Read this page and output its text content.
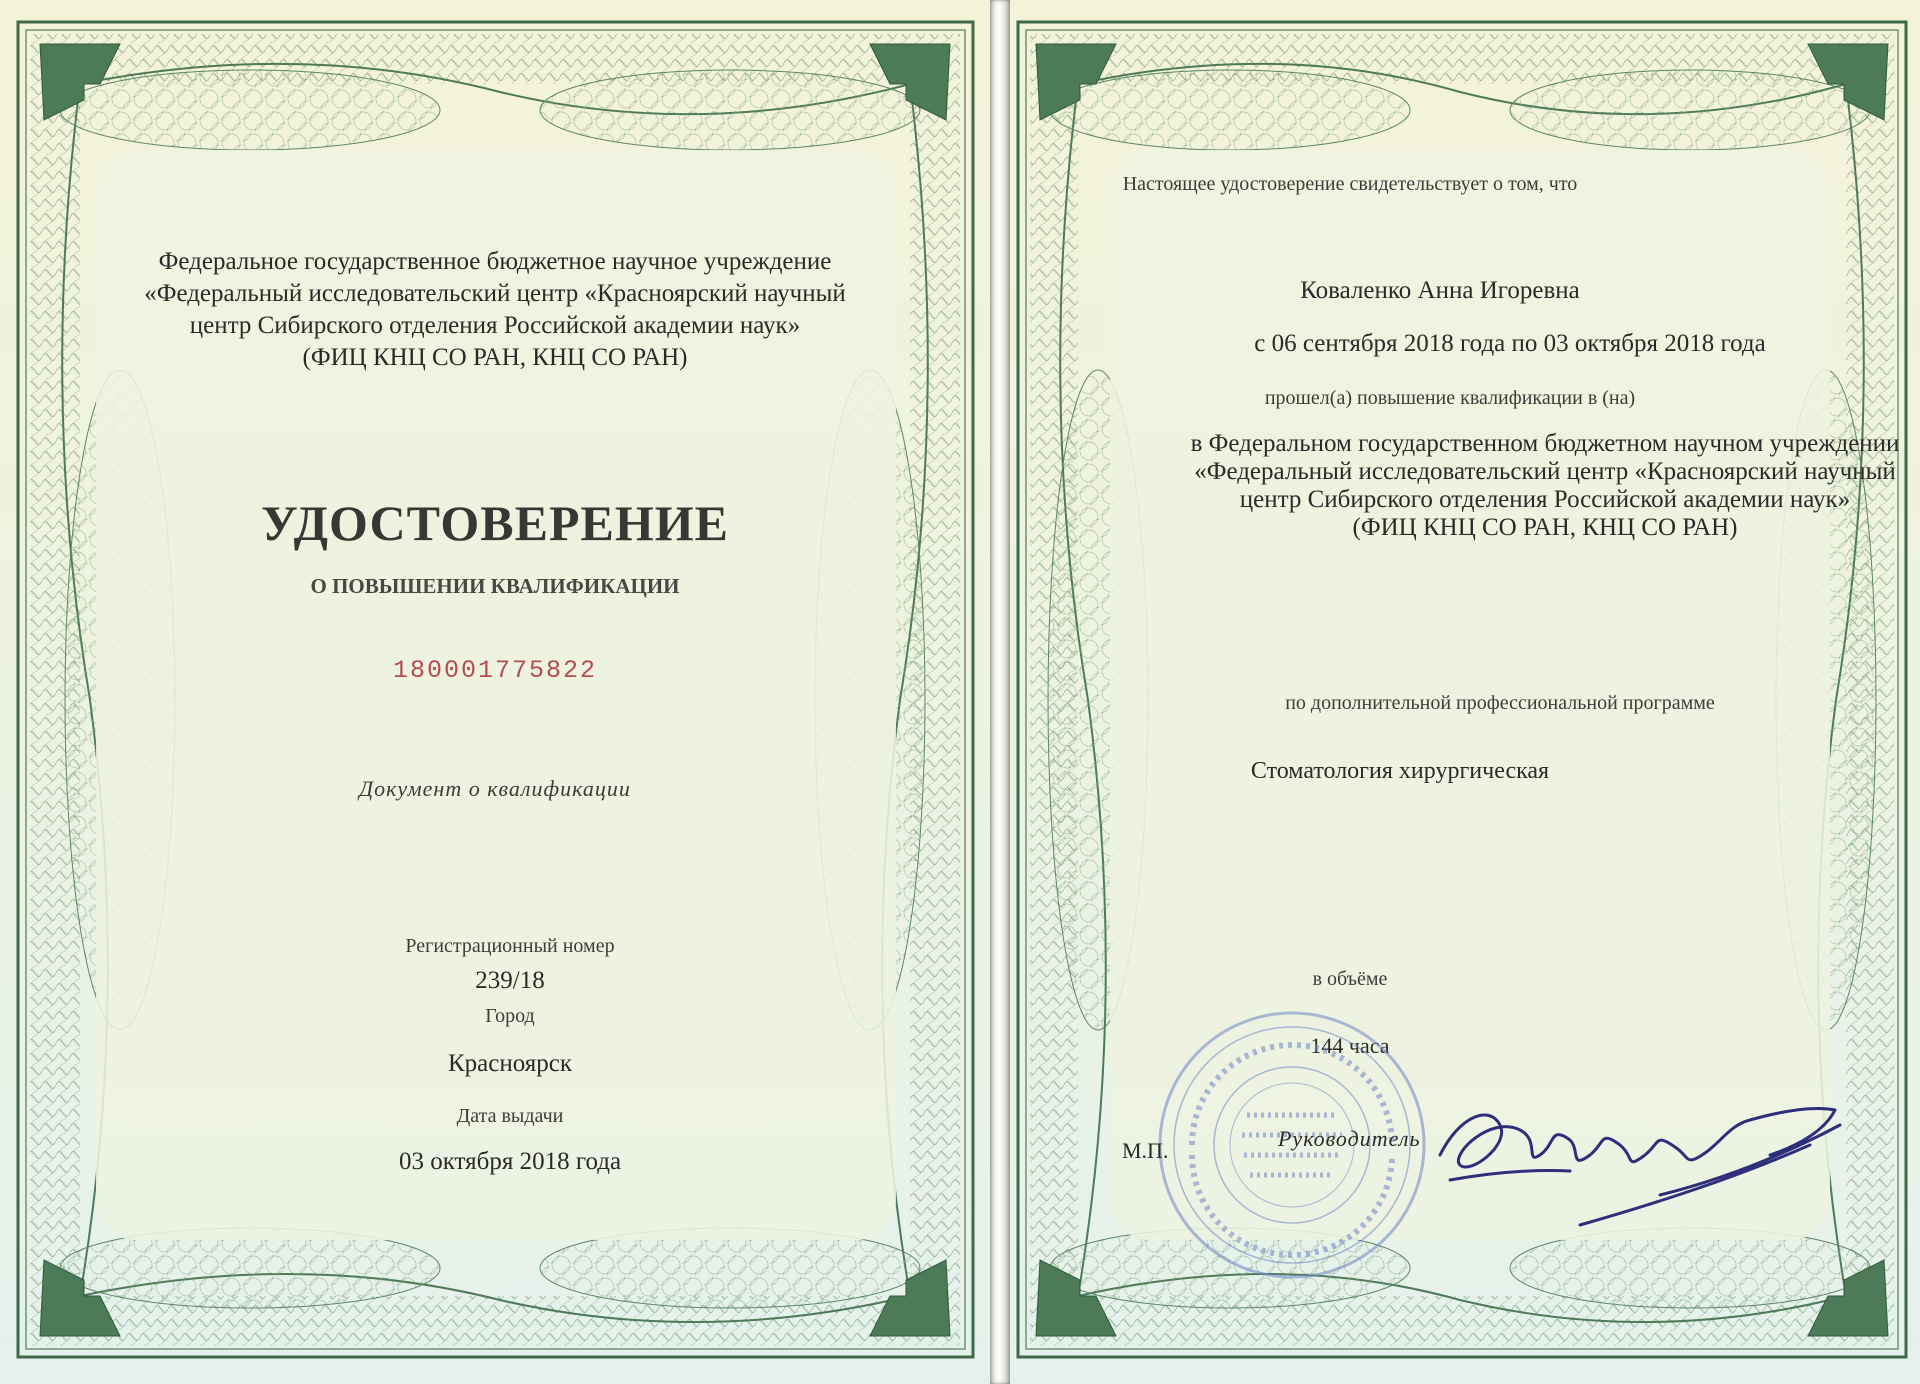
Федеральное государственное бюджетное научное учреждение
«Федеральный исследовательский центр «Красноярский научный
центр Сибирского отделения Российской академии наук»
(ФИЦ КНЦ СО РАН, КНЦ СО РАН)
УДОСТОВЕРЕНИЕ
О ПОВЫШЕНИИ КВАЛИФИКАЦИИ
180001775822
Документ о квалификации
Регистрационный номер
239/18
Город
Красноярск
Дата выдачи
03 октября 2018 года
Настоящее удостоверение свидетельствует о том, что
Коваленко Анна Игоревна
с 06 сентября 2018 года по 03 октября 2018 года
прошел(а) повышение квалификации в (на)
в Федеральном государственном бюджетном научном учреждении
«Федеральный исследовательский центр «Красноярский научный
центр Сибирского отделения Российской академии наук»
(ФИЦ КНЦ СО РАН, КНЦ СО РАН)
по дополнительной профессиональной программе
Стоматология хирургическая
в объёме
144 часа
М.П.	Руководитель
